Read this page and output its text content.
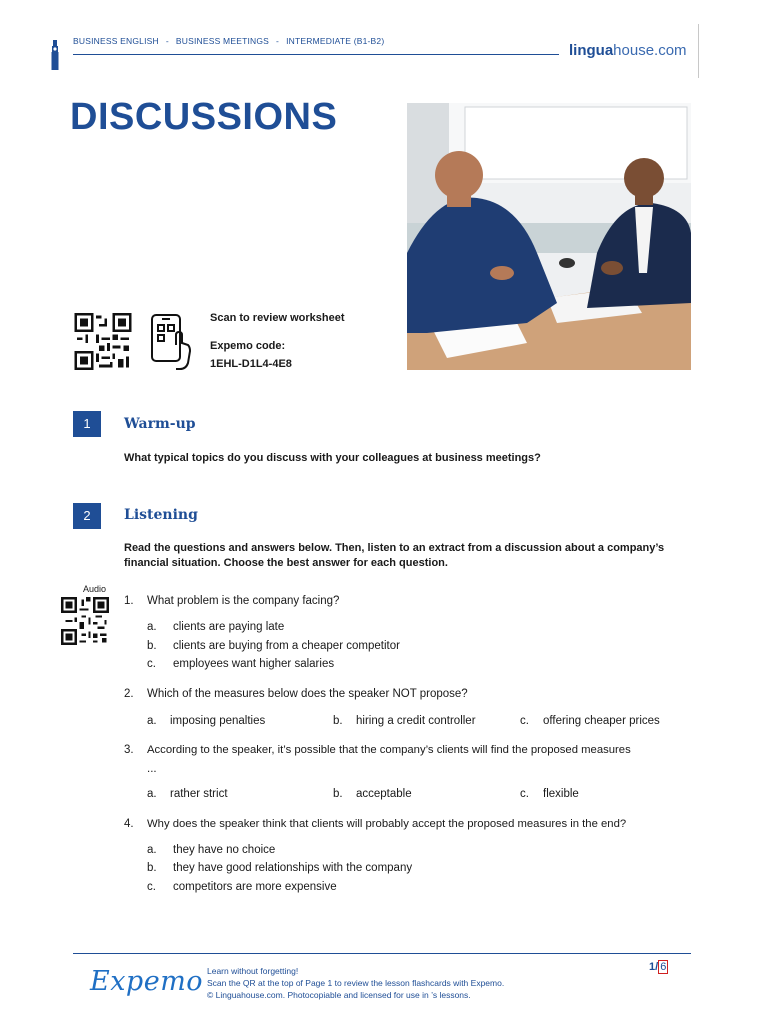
BUSINESS ENGLISH - BUSINESS MEETINGS - INTERMEDIATE (B1-B2)
linguahouse.com
DISCUSSIONS
Scan to review worksheet
Expemo code:
1EHL-D1L4-4E8
1	Warm-up
What typical topics do you discuss with your colleagues at business meetings?
2	Listening
Read the questions and answers below. Then, listen to an extract from a discussion about a company’s
financial situation. Choose the best answer for each question.
Audio
1. What problem is the company facing?
a. clients are paying late
b. clients are buying from a cheaper competitor
c. employees want higher salaries
2. Which of the measures below does the speaker NOT propose?
a. imposing penalties	b. hiring a credit controller	c. offering cheaper prices
3. According to the speaker, it’s possible that the company’s clients will find the proposed measures
...
a. rather strict	b. acceptable	c. flexible
4. Why does the speaker think that clients will probably accept the proposed measures in the end?
a. they have no choice
b. they have good relationships with the company
c. competitors are more expensive
Expemo Learn without forgetting!
Scan the QR at the top of Page 1 to review the lesson flashcards with Expemo.
© Linguahouse.com. Photocopiable and licensed for use in ’s lessons.
1/ 6
